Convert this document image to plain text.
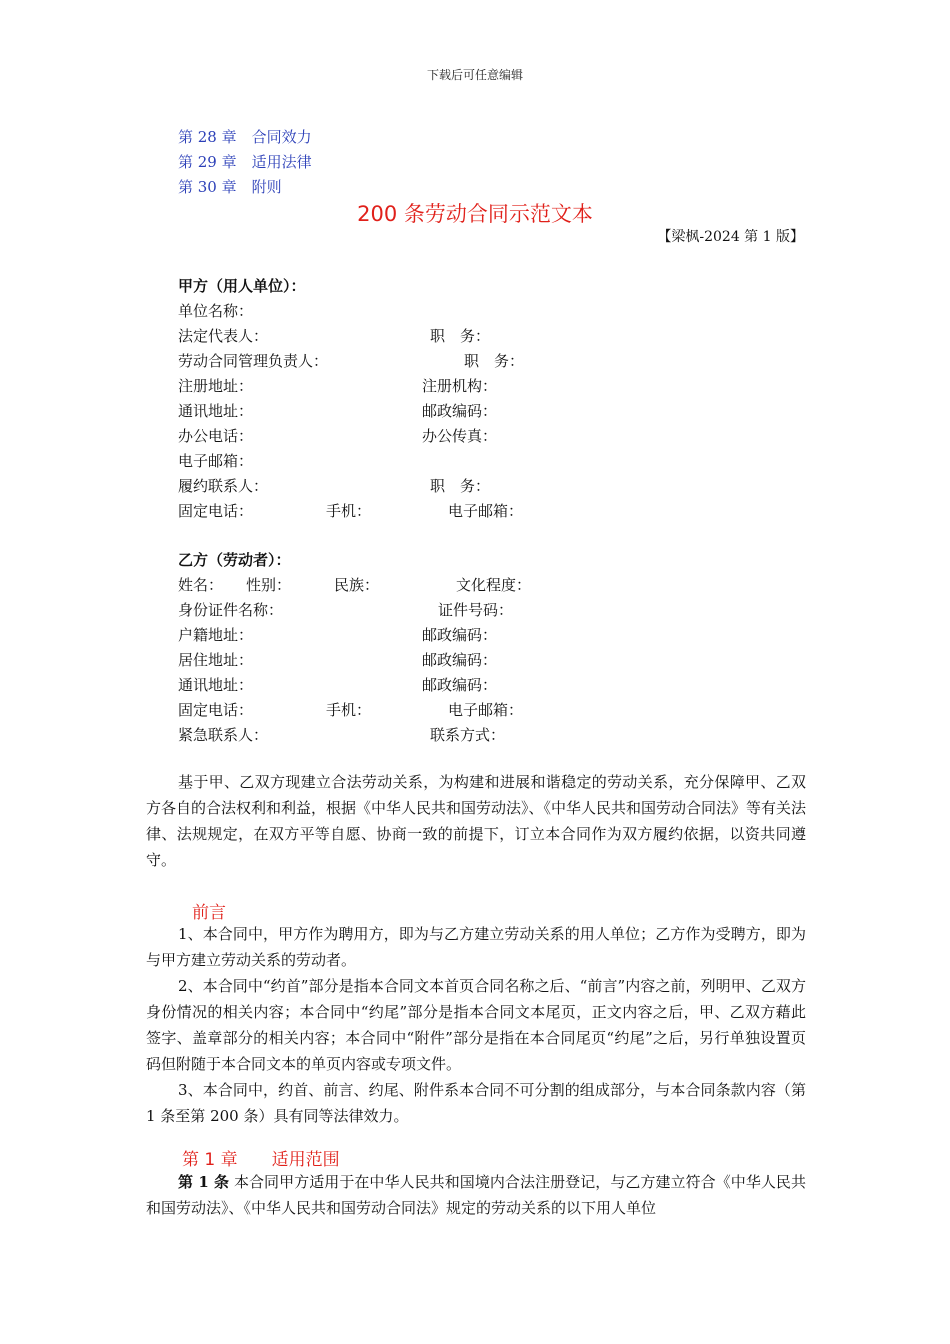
下载后可任意编辑
第 28 章　合同效力
第 29 章　适用法律
第 30 章　附则
200 条劳动合同示范文本
【梁枫-2024 第 1 版】
甲方（用人单位）：
单位名称：
法定代表人：	职　务：
劳动合同管理负责人：	职　务：
注册地址：	注册机构：
通讯地址：	邮政编码：
办公电话：	办公传真：
电子邮箱：
履约联系人：	职　务：
固定电话：	手机：	电子邮箱：
乙方（劳动者）：
姓名： 性别：	民族：	文化程度：
身份证件名称：	证件号码：
户籍地址：	邮政编码：
居住地址：	邮政编码：
通讯地址：	邮政编码：
固定电话：	手机：	电子邮箱：
紧急联系人：	联系方式：

基于甲、乙双方现建立合法劳动关系，为构建和进展和谐稳定的劳动关系，充分保障甲、乙双方各自的合法权利和利益，根据《中华人民共和国劳动法》、《中华人民共和国劳动合同法》等有关法律、法规规定，在双方平等自愿、协商一致的前提下，订立本合同作为双方履约依据，以资共同遵守。

前言

1、本合同中，甲方作为聘用方，即为与乙方建立劳动关系的用人单位；乙方作为受聘方，即为与甲方建立劳动关系的劳动者。

2、本合同中“约首”部分是指本合同文本首页合同名称之后、“前言”内容之前，列明甲、乙双方身份情况的相关内容；本合同中“约尾”部分是指本合同文本尾页，正文内容之后，甲、乙双方藉此签字、盖章部分的相关内容；本合同中“附件”部分是指在本合同尾页“约尾”之后，另行单独设置页码但附随于本合同文本的单页内容或专项文件。

3、本合同中，约首、前言、约尾、附件系本合同不可分割的组成部分，与本合同条款内容（第 1 条至第 200 条）具有同等法律效力。

第 1 章　　适用范围

第 1 条 本合同甲方适用于在中华人民共和国境内合法注册登记，与乙方建立符合《中华人民共和国劳动法》、《中华人民共和国劳动合同法》规定的劳动关系的以下用人单位
